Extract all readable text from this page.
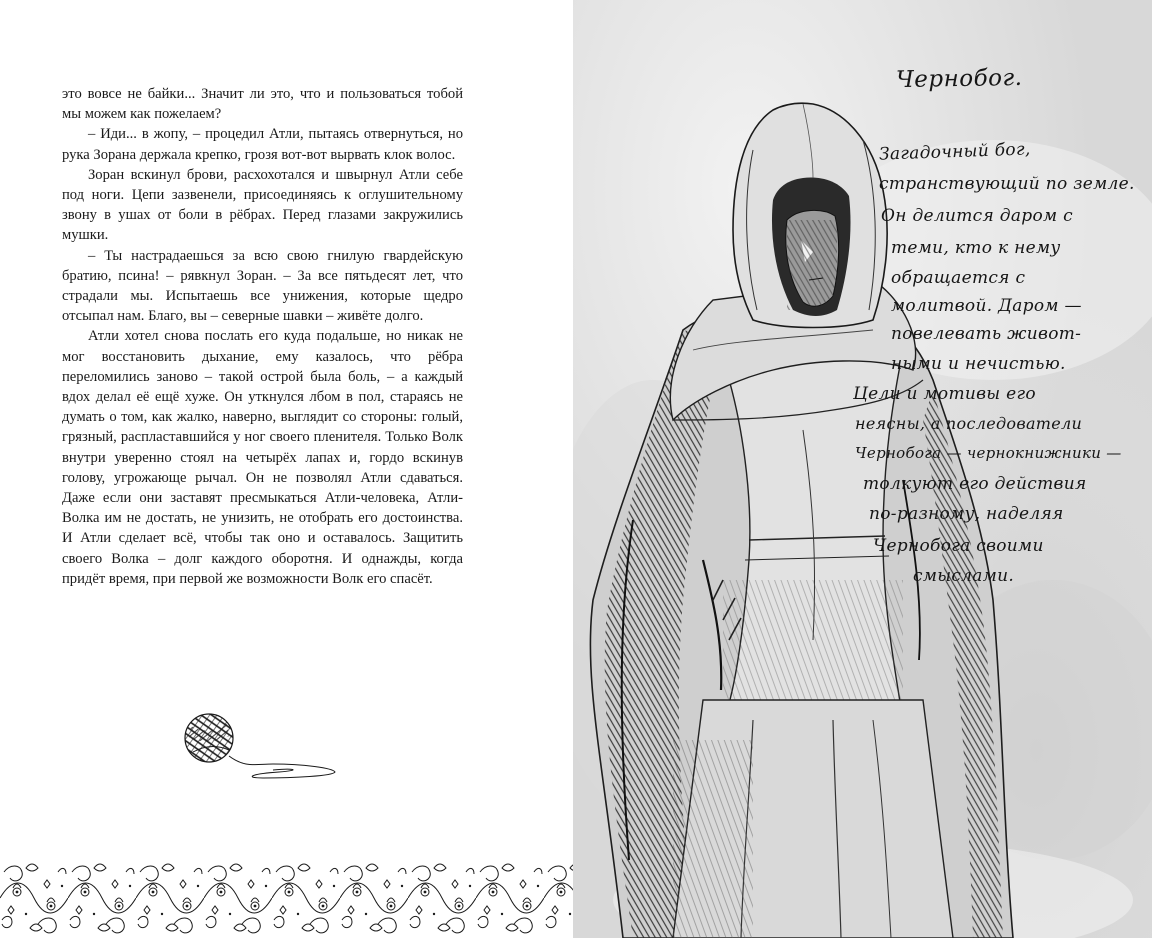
это вовсе не байки... Значит ли это, что и пользоваться тобой мы можем как пожелаем?

– Иди... в жопу, – процедил Атли, пытаясь отвернуться, но рука Зорана держала крепко, грозя вот-вот вырвать клок волос.

Зоран вскинул брови, расхохотался и швырнул Атли себе под ноги. Цепи зазвенели, присоединяясь к оглушительному звону в ушах от боли в рёбрах. Перед глазами закружились мушки.

– Ты настрадаешься за всю свою гнилую гвардейскую братию, псина! – рявкнул Зоран. – За все пятьдесят лет, что страдали мы. Испытаешь все унижения, которые щедро отсыпал нам. Благо, вы – северные шавки – живёте долго.

Атли хотел снова послать его куда подальше, но никак не мог восстановить дыхание, ему казалось, что рёбра переломились заново – такой острой была боль, – а каждый вдох делал её ещё хуже. Он уткнулся лбом в пол, стараясь не думать о том, как жалко, наверно, выглядит со стороны: голый, грязный, распластавшийся у ног своего пленителя. Только Волк внутри уверенно стоял на четырёх лапах и, гордо вскинув голову, угрожающе рычал. Он не позволял Атли сдаваться. Даже если они заставят пресмыкаться Атли-человека, Атли-Волка им не достать, не унизить, не отобрать его достоинства. И Атли сделает всё, чтобы так оно и оставалось. Защитить своего Волка – долг каждого оборотня. И однажды, когда придёт время, при первой же возможности Волк его спасёт.

Чернобог.
Загадочный бог,
странствующий по земле.
Он делится даром с
теми, кто к нему
обращается с
молитвой. Даром —
повелевать живот-
ными и нечистью.
Цели и мотивы его
неясны, а последователи
Чернобога — чернокнижники —
толкуют его действия
по-разному, наделяя
Чернобога своими
смыслами.
